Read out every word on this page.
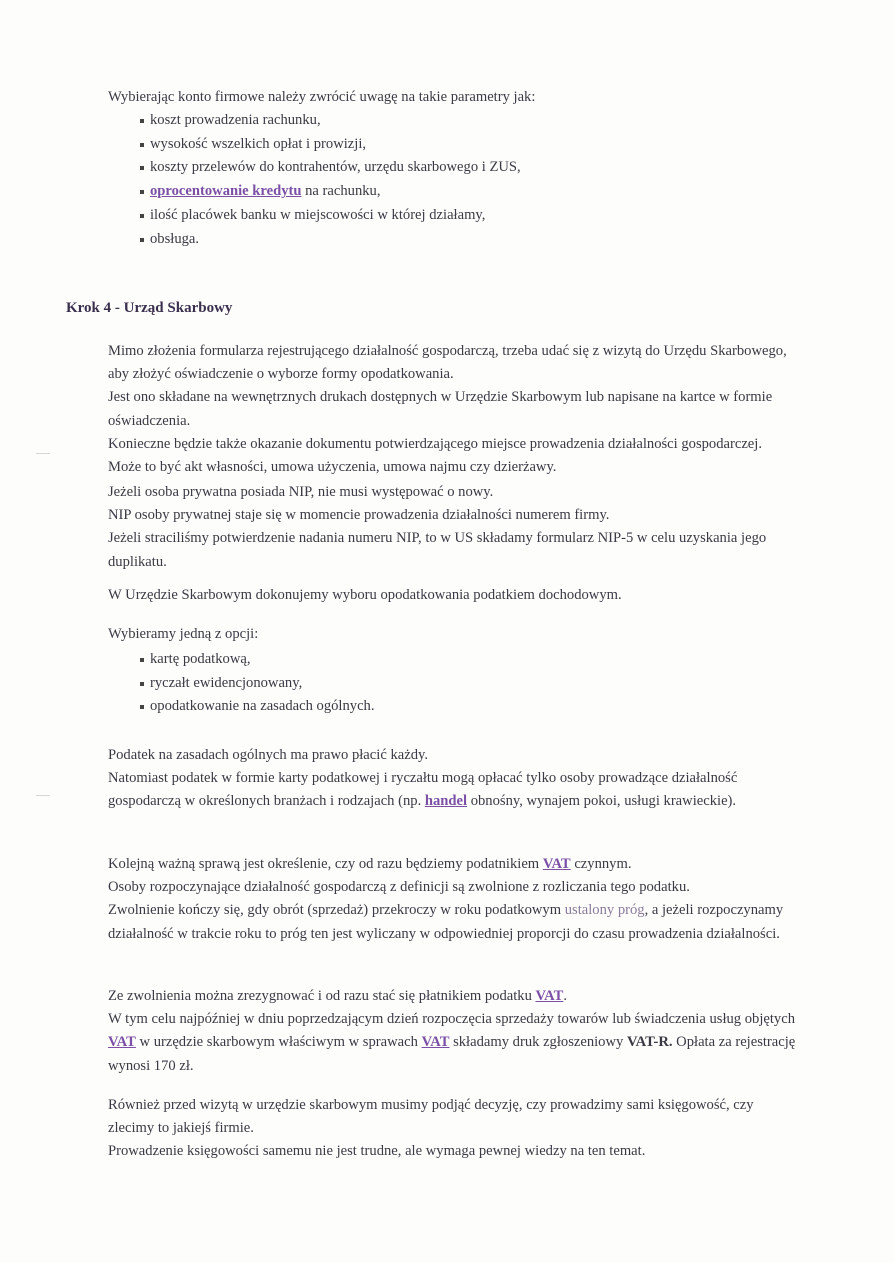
Wybierając konto firmowe należy zwrócić uwagę na takie parametry jak:

koszt prowadzenia rachunku,
wysokość wszelkich opłat i prowizji,
koszty przelewów do kontrahentów, urzędu skarbowego i ZUS,
oprocentowanie kredytu na rachunku,
ilość placówek banku w miejscowości w której działamy,
obsługa.
Krok 4 - Urząd Skarbowy

Mimo złożenia formularza rejestrującego działalność gospodarczą, trzeba udać się z wizytą do Urzędu Skarbowego, aby złożyć oświadczenie o wyborze formy opodatkowania.

Jest ono składane na wewnętrznych drukach dostępnych w Urzędzie Skarbowym lub napisane na kartce w formie oświadczenia.

Konieczne będzie także okazanie dokumentu potwierdzającego miejsce prowadzenia działalności gospodarczej. Może to być akt własności, umowa użyczenia, umowa najmu czy dzierżawy.

Jeżeli osoba prywatna posiada NIP, nie musi występować o nowy.

NIP osoby prywatnej staje się w momencie prowadzenia działalności numerem firmy.

Jeżeli straciliśmy potwierdzenie nadania numeru NIP, to w US składamy formularz NIP-5 w celu uzyskania jego duplikatu.

W Urzędzie Skarbowym dokonujemy wyboru opodatkowania podatkiem dochodowym.

Wybieramy jedną z opcji:

kartę podatkową,
ryczałt ewidencjonowany,
opodatkowanie na zasadach ogólnych.

Podatek na zasadach ogólnych ma prawo płacić każdy.

Natomiast podatek w formie karty podatkowej i ryczałtu mogą opłacać tylko osoby prowadzące działalność gospodarczą w określonych branżach i rodzajach (np. handel obnośny, wynajem pokoi, usługi krawieckie).

Kolejną ważną sprawą jest określenie, czy od razu będziemy podatnikiem VAT czynnym.

Osoby rozpoczynające działalność gospodarczą z definicji są zwolnione z rozliczania tego podatku.

Zwolnienie kończy się, gdy obrót (sprzedaż) przekroczy w roku podatkowym ustalony próg, a jeżeli rozpoczynamy działalność w trakcie roku to próg ten jest wyliczany w odpowiedniej proporcji do czasu prowadzenia działalności.

Ze zwolnienia można zrezygnować i od razu stać się płatnikiem podatku VAT.

W tym celu najpóźniej w dniu poprzedzającym dzień rozpoczęcia sprzedaży towarów lub świadczenia usług objętych VAT w urzędzie skarbowym właściwym w sprawach VAT składamy druk zgłoszeniowy VAT-R. Opłata za rejestrację wynosi 170 zł.

Również przed wizytą w urzędzie skarbowym musimy podjąć decyzję, czy prowadzimy sami księgowość, czy zlecimy to jakiejś firmie.

Prowadzenie księgowości samemu nie jest trudne, ale wymaga pewnej wiedzy na ten temat.
